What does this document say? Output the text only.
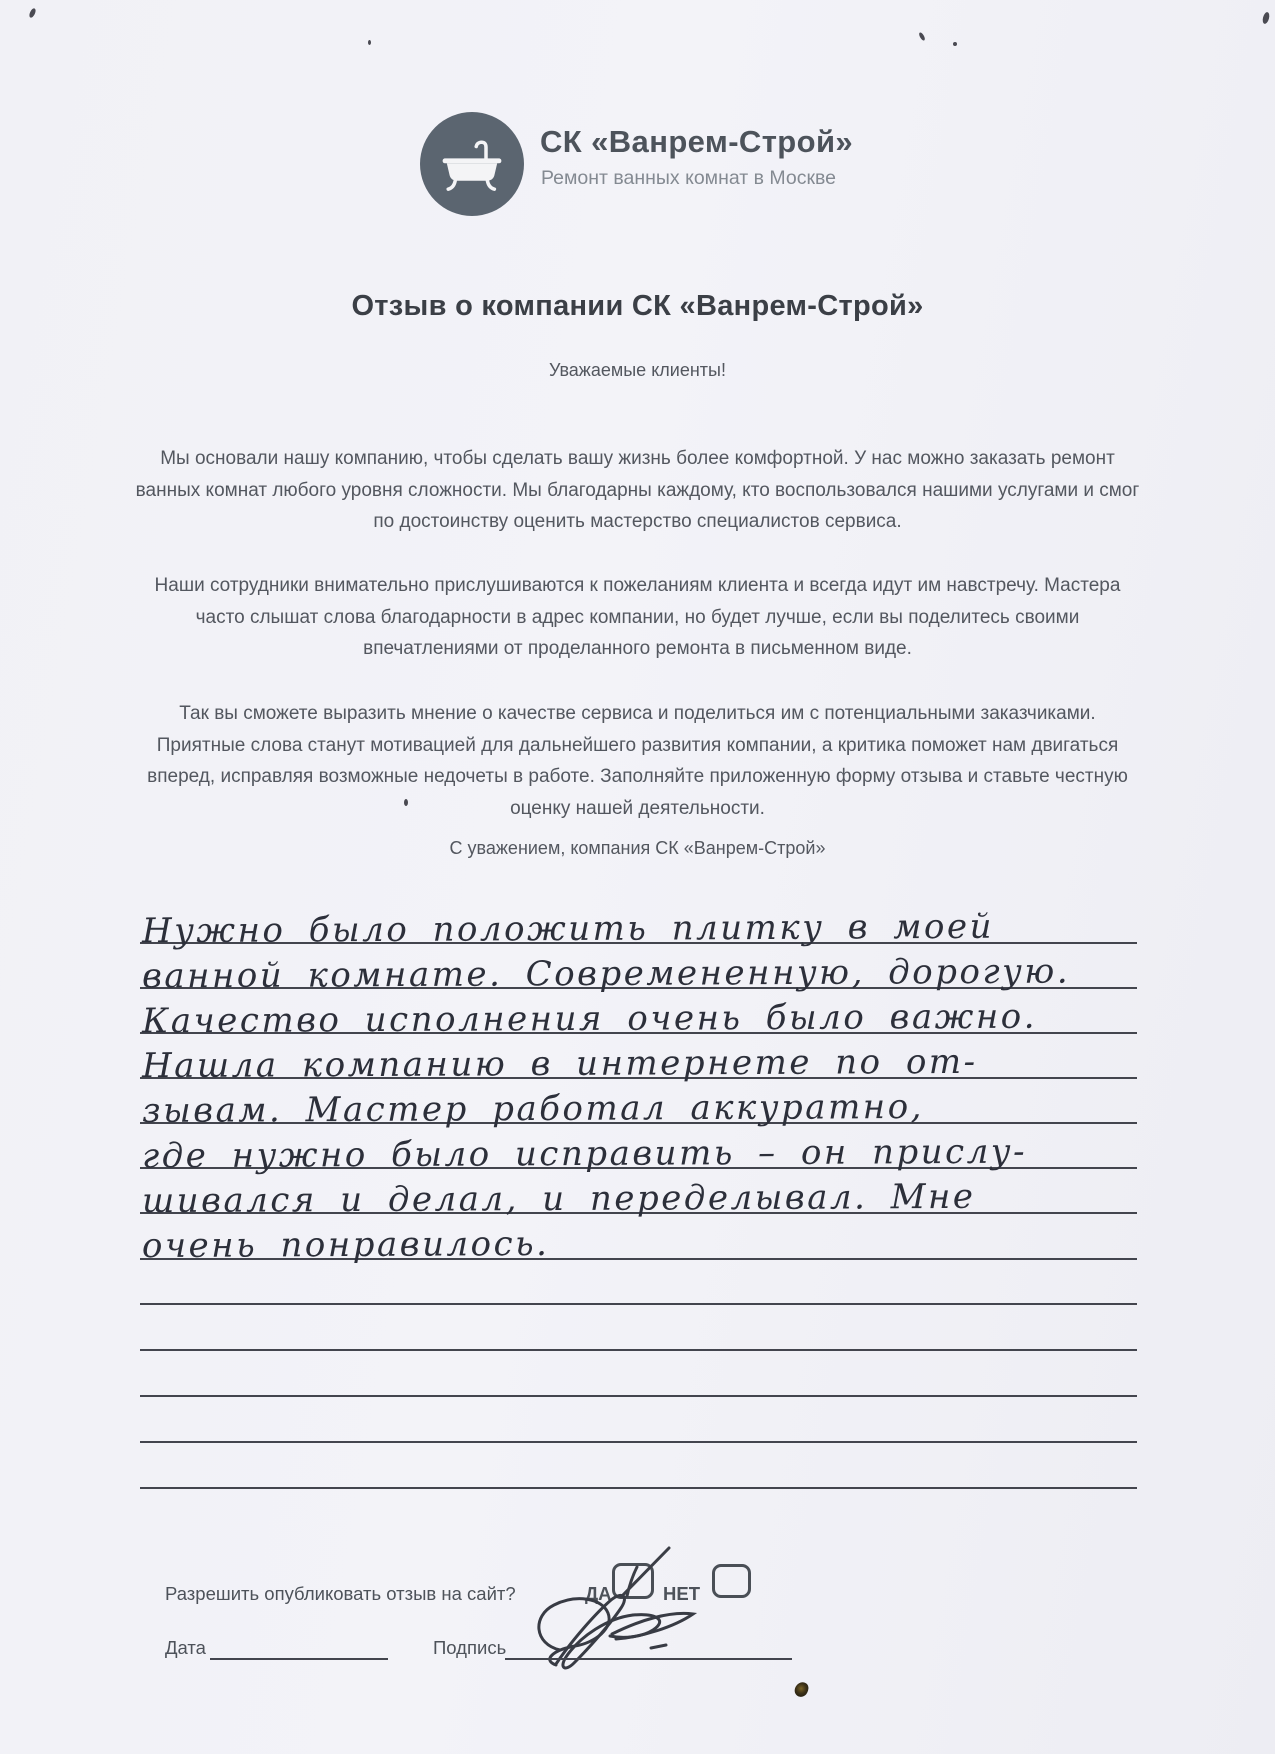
СК «Ванрем-Строй»
Ремонт ванных комнат в Москве
Отзыв о компании СК «Ванрем-Строй»
Уважаемые клиенты!

Мы основали нашу компанию, чтобы сделать вашу жизнь более комфортной. У нас можно заказать ремонт ванных комнат любого уровня сложности. Мы благодарны каждому, кто воспользовался нашими услугами и смог по достоинству оценить мастерство специалистов сервиса.

Наши сотрудники внимательно прислушиваются к пожеланиям клиента и всегда идут им навстречу. Мастера часто слышат слова благодарности в адрес компании, но будет лучше, если вы поделитесь своими впечатлениями от проделанного ремонта в письменном виде.

Так вы сможете выразить мнение о качестве сервиса и поделиться им с потенциальными заказчиками. Приятные слова станут мотивацией для дальнейшего развития компании, а критика поможет нам двигаться вперед, исправляя возможные недочеты в работе. Заполняйте приложенную форму отзыва и ставьте честную оценку нашей деятельности.

С уважением, компания СК «Ванрем-Строй»
Нужно было положить плитку в моей
ванной комнате. Современенную, дорогую.
Качество исполнения очень было важно.
Нашла компанию в интернете по от-
зывам. Мастер работал аккуратно,
где нужно было исправить – он прислу-
шивался и делал, и переделывал. Мне
очень понравилось.
Разрешить опубликовать отзыв на сайт?	ДА	НЕТ
Дата	Подпись
